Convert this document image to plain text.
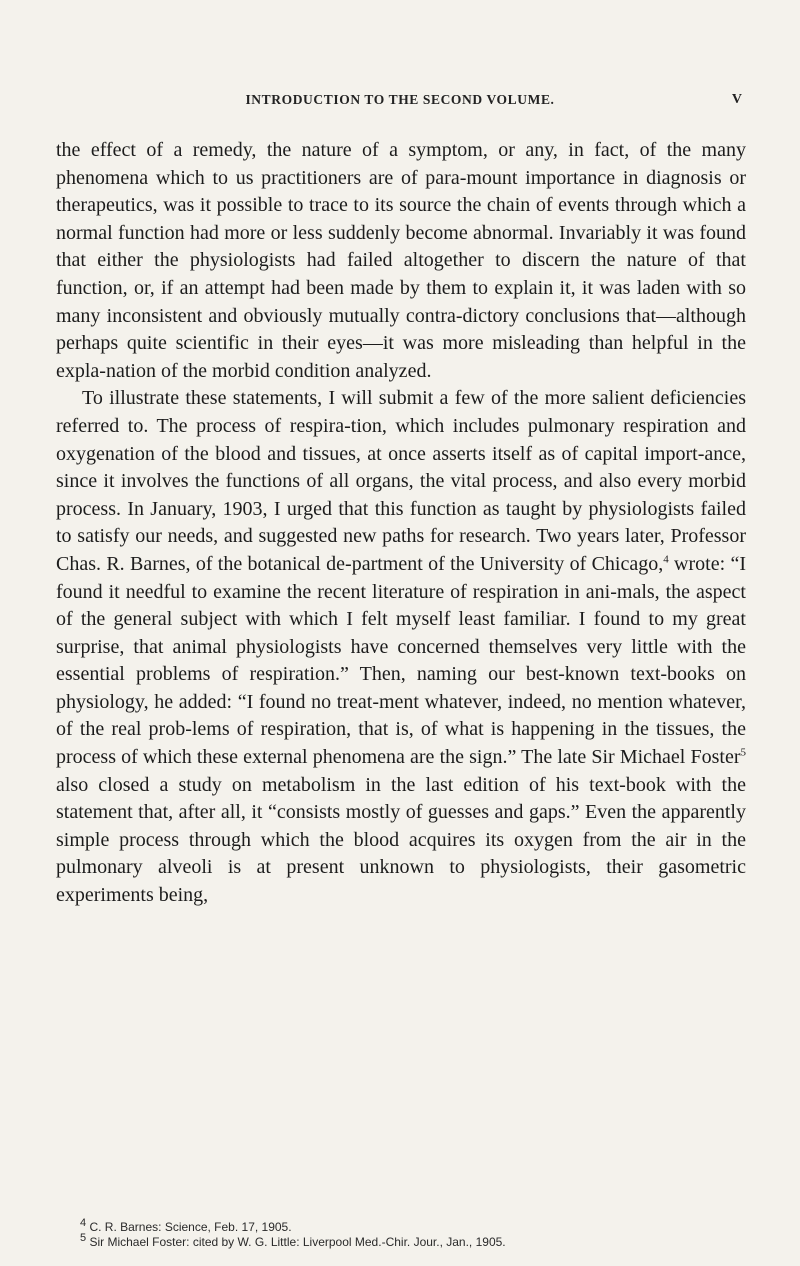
INTRODUCTION TO THE SECOND VOLUME.	V

the effect of a remedy, the nature of a symptom, or any, in fact, of the many phenomena which to us practitioners are of para-mount importance in diagnosis or therapeutics, was it possible to trace to its source the chain of events through which a normal function had more or less suddenly become abnormal. Invariably it was found that either the physiologists had failed altogether to discern the nature of that function, or, if an attempt had been made by them to explain it, it was laden with so many inconsistent and obviously mutually contra-dictory conclusions that—although perhaps quite scientific in their eyes—it was more misleading than helpful in the expla-nation of the morbid condition analyzed.

To illustrate these statements, I will submit a few of the more salient deficiencies referred to. The process of respira-tion, which includes pulmonary respiration and oxygenation of the blood and tissues, at once asserts itself as of capital import-ance, since it involves the functions of all organs, the vital process, and also every morbid process. In January, 1903, I urged that this function as taught by physiologists failed to satisfy our needs, and suggested new paths for research. Two years later, Professor Chas. R. Barnes, of the botanical de-partment of the University of Chicago,$^4$ wrote: “I found it needful to examine the recent literature of respiration in ani-mals, the aspect of the general subject with which I felt myself least familiar. I found to my great surprise, that animal physiologists have concerned themselves very little with the essential problems of respiration.” Then, naming our best-known text-books on physiology, he added: “I found no treat-ment whatever, indeed, no mention whatever, of the real prob-lems of respiration, that is, of what is happening in the tissues, the process of which these external phenomena are the sign.” The late Sir Michael Foster$^5$ also closed a study on metabolism in the last edition of his text-book with the statement that, after all, it “consists mostly of guesses and gaps.” Even the apparently simple process through which the blood acquires its oxygen from the air in the pulmonary alveoli is at present unknown to physiologists, their gasometric experiments being,

$^4$ C. R. Barnes: Science, Feb. 17, 1905.
$^5$ Sir Michael Foster: cited by W. G. Little: Liverpool Med.-Chir. Jour., Jan., 1905.
